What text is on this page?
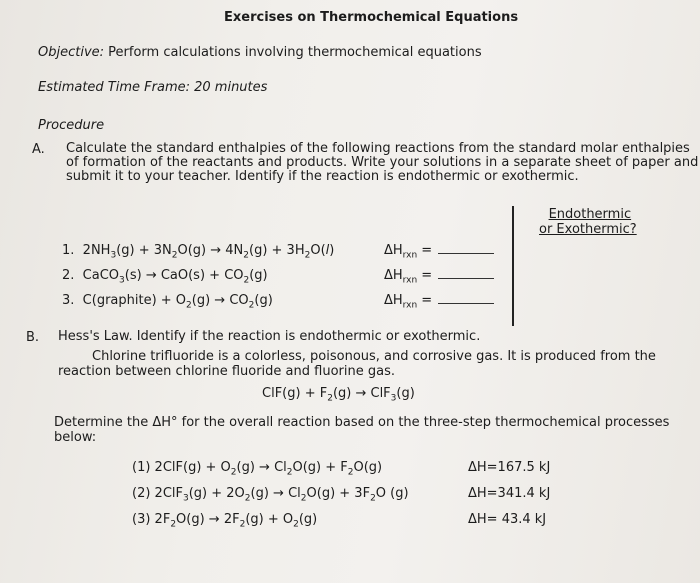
Exercises on Thermochemical Equations
Objective: Perform calculations involving thermochemical equations
Estimated Time Frame: 20 minutes
Procedure
A. Calculate the standard enthalpies of the following reactions from the standard molar enthalpies
of formation of the reactants and products. Write your solutions in a separate sheet of paper and
submit it to your teacher. Identify if the reaction is endothermic or exothermic.
Endothermic
or Exothermic?
1.  $2NH_3(g) + 3N_2O(g) \to 4N_2(g) + 3H_2O(l)$	$\Delta H_{rxn}$ =
2.  CaCO$_3$(s) → $CaO(s) + CO_2(g)$	$\Delta H_{rxn}$ =
3.  C(graphite) + $O_2(g) \to CO_2(g)$	$\Delta H_{rxn}$ =
B. Hess's Law. Identify if the reaction is endothermic or exothermic.
Chlorine trifluoride is a colorless, poisonous, and corrosive gas. It is produced from the
reaction between chlorine fluoride and fluorine gas.
$ClF(g) + F_2(g) \to ClF_3(g)$
Determine the ΔH° for the overall reaction based on the three-step thermochemical processes
below:
(1) $2ClF(g) + O_2(g) \to Cl_2O(g) + F_2O(g)$	ΔH=167.5 kJ
(2) $2ClF_3(g) + 2O_2(g) \to Cl_2O(g) + 3F_2O$ (g)	ΔH=341.4 kJ
(3) $2F_2O(g) \to 2F_2(g) + O_2(g)$	ΔH= 43.4 kJ
